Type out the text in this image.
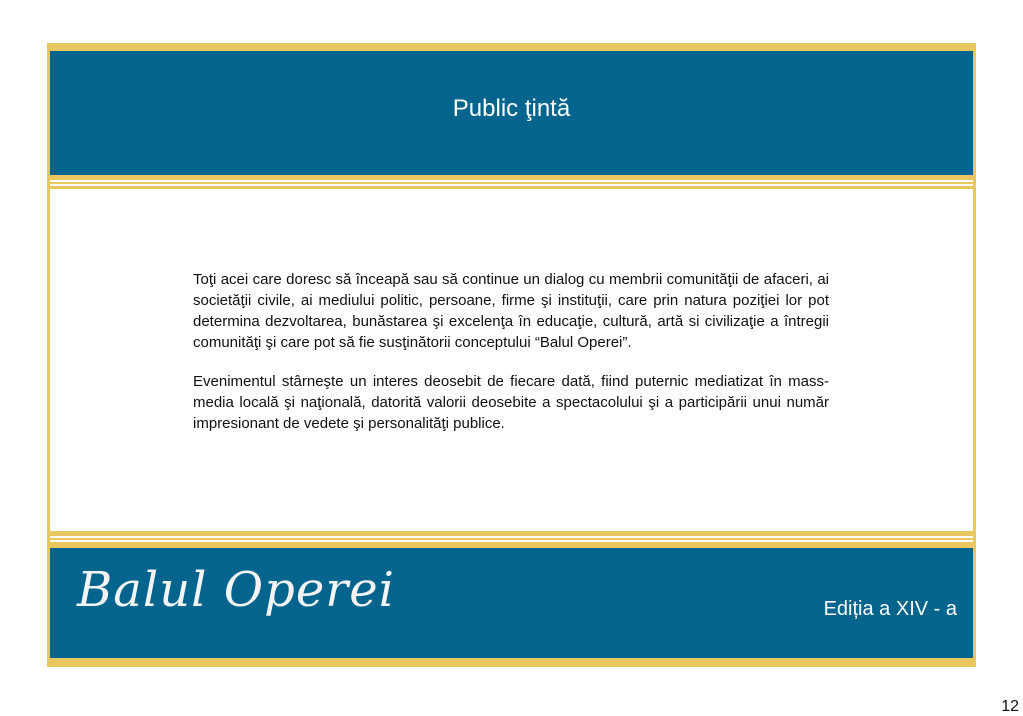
Public ţintă

Toţi acei care doresc să înceapă sau să continue un dialog cu membrii comunităţii de afaceri, ai societăţii civile, ai mediului politic, persoane, firme şi instituţii, care prin natura poziţiei lor pot determina dezvoltarea, bunăstarea şi excelenţa în educaţie, cultură, artă si civilizaţie a întregii comunităţi şi care pot să fie susţinătorii conceptului “Balul Operei”.

Evenimentul stârneşte un interes deosebit de fiecare dată, fiind puternic mediatizat în mass-media locală şi naţională, datorită valorii deosebite a spectacolului şi a participării unui număr impresionant de vedete şi personalităţi publice.

Balul Operei	Ediția a XIV - a
12
